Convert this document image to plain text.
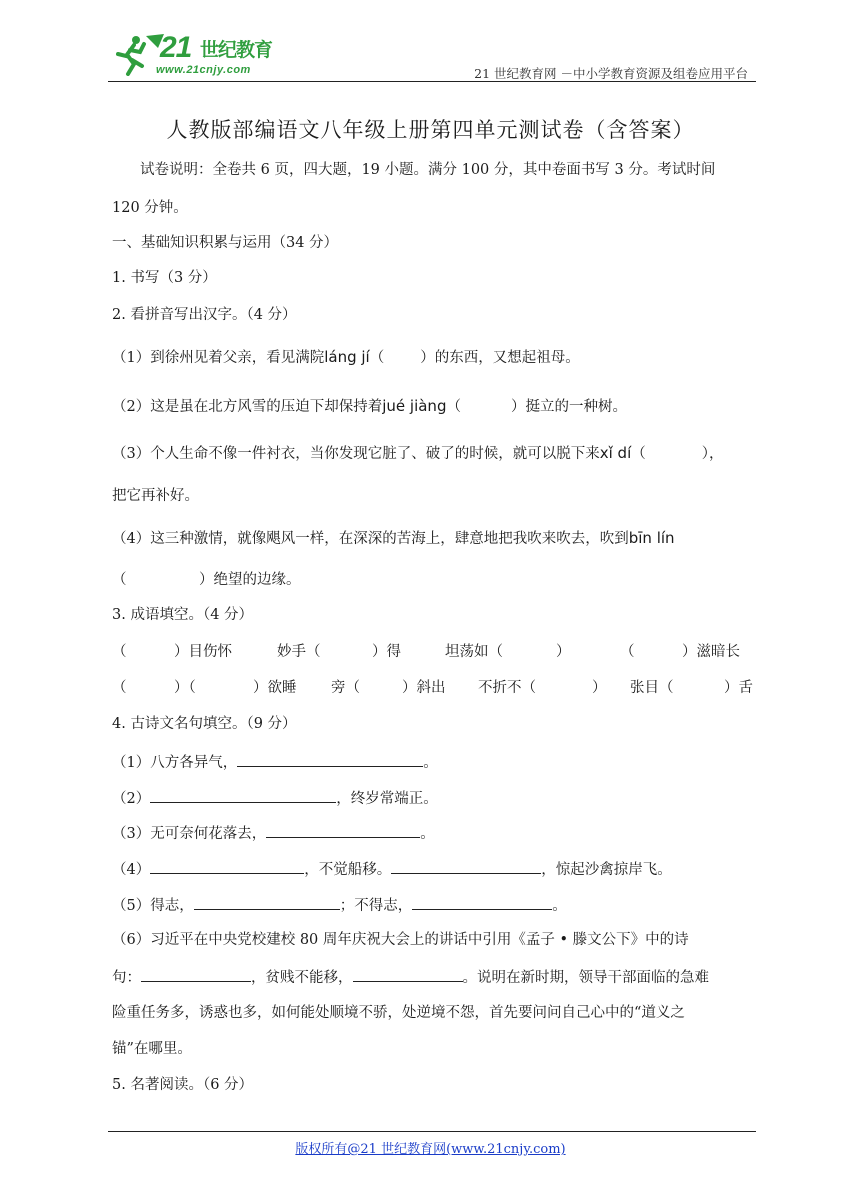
21 世纪教育
www.21cnjy.com	21 世纪教育网 －中小学教育资源及组卷应用平台
人教版部编语文八年级上册第四单元测试卷（含答案）
试卷说明：全卷共 6 页，四大题，19 小题。满分 100 分，其中卷面书写 3 分。考试时间
120 分钟。
一、基础知识积累与运用（34 分）
1. 书写（3 分）
2. 看拼音写出汉字。（4 分）
（1）到徐州见着父亲，看见满院láng jí（ ）的东西，又想起祖母。
（2）这是虽在北方风雪的压迫下却保持着jué jiàng（	）挺立的一种树。
（3）个人生命不像一件衬衣，当你发现它脏了、破了的时候，就可以脱下来xǐ dí（	），
把它再补好。
（4）这三种激情，就像飓风一样，在深深的苦海上，肆意地把我吹来吹去，吹到bīn lín
（　　　　　）绝望的边缘。
3. 成语填空。（4 分）
（	）目伤怀	妙手（	）得	坦荡如（	）	（	）滋暗长
（	）（	）欲睡 旁（	）斜出 不折不（	） 张目（	）舌
4. 古诗文名句填空。（9 分）
（1）八方各异气，	。
（2）	，终岁常端正。
（3）无可奈何花落去，	。
（4）	，不觉船移。	，惊起沙禽掠岸飞。
（5）得志，	；不得志，	。
（6）习近平在中央党校建校 80 周年庆祝大会上的讲话中引用《孟子 • 滕文公下》中的诗
句：	，贫贱不能移，	。说明在新时期，领导干部面临的急难
险重任务多，诱惑也多，如何能处顺境不骄，处逆境不怨，首先要问问自己心中的“道义之
锚”在哪里。
5. 名著阅读。（6 分）
版权所有@21 世纪教育网(www.21cnjy.com)
